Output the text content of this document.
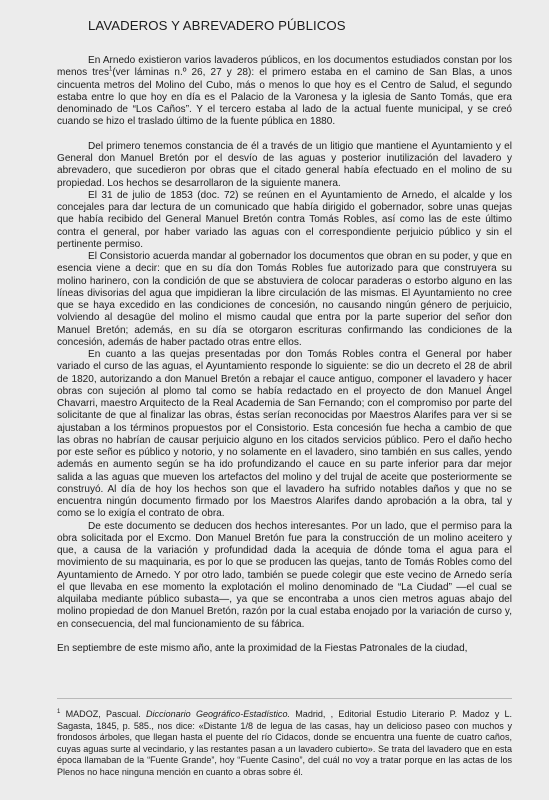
LAVADEROS Y ABREVADERO PÚBLICOS

En Arnedo existieron varios lavaderos públicos, en los documentos estudiados constan por los menos tres$^1$(ver láminas n.º 26, 27 y 28): el primero estaba en el camino de San Blas, a unos cincuenta metros del Molino del Cubo, más o menos lo que hoy es el Centro de Salud, el segundo estaba entre lo que hoy en día es el Palacio de la Varonesa y la iglesia de Santo Tomás, que era denominado de “Los Caños”. Y el tercero estaba al lado de la actual fuente municipal, y se creó cuando se hizo el traslado último de la fuente pública en 1880.

Del primero tenemos constancia de él a través de un litigio que mantiene el Ayuntamiento y el General don Manuel Bretón por el desvío de las aguas y posterior inutilización del lavadero y abrevadero, que sucedieron por obras que el citado general había efectuado en el molino de su propiedad. Los hechos se desarrollaron de la siguiente manera.

El 31 de julio de 1853 (doc. 72) se reúnen en el Ayuntamiento de Arnedo, el alcalde y los concejales para dar lectura de un comunicado que había dirigido el gobernador, sobre unas quejas que había recibido del General Manuel Bretón contra Tomás Robles, así como las de este último contra el general, por haber variado las aguas con el correspondiente perjuicio público y sin el pertinente permiso.

El Consistorio acuerda mandar al gobernador los documentos que obran en su poder, y que en esencia viene a decir: que en su día don Tomás Robles fue autorizado para que construyera su molino harinero, con la condición de que se abstuviera de colocar paraderas o estorbo alguno en las líneas divisorias del agua que impidieran la libre circulación de las mismas. El Ayuntamiento no cree que se haya excedido en las condiciones de concesión, no causando ningún género de perjuicio, volviendo al desagüe del molino el mismo caudal que entra por la parte superior del señor don Manuel Bretón; además, en su día se otorgaron escrituras confirmando las condiciones de la concesión, además de haber pactado otras entre ellos.

En cuanto a las quejas presentadas por don Tomás Robles contra el General por haber variado el curso de las aguas, el Ayuntamiento responde lo siguiente: se dio un decreto el 28 de abril de 1820, autorizando a don Manuel Bretón a rebajar el cauce antiguo, componer el lavadero y hacer obras con sujeción al plomo tal como se había redactado en el proyecto de don Manuel Ángel Chavarri, maestro Arquitecto de la Real Academia de San Fernando; con el compromiso por parte del solicitante de que al finalizar las obras, éstas serían reconocidas por Maestros Alarifes para ver si se ajustaban a los términos propuestos por el Consistorio. Esta concesión fue hecha a cambio de que las obras no habrían de causar perjuicio alguno en los citados servicios público. Pero el daño hecho por este señor es público y notorio, y no solamente en el lavadero, sino también en sus calles, yendo además en aumento según se ha ido profundizando el cauce en su parte inferior para dar mejor salida a las aguas que mueven los artefactos del molino y del trujal de aceite que posteriormente se construyó. Al día de hoy los hechos son que el lavadero ha sufrido notables daños y que no se encuentra ningún documento firmado por los Maestros Alarifes dando aprobación a la obra, tal y como se lo exigía el contrato de obra.

De este documento se deducen dos hechos interesantes. Por un lado, que el permiso para la obra solicitada por el Excmo. Don Manuel Bretón fue para la construcción de un molino aceitero y que, a causa de la variación y profundidad dada la acequia de dónde toma el agua para el movimiento de su maquinaria, es por lo que se producen las quejas, tanto de Tomás Robles como del Ayuntamiento de Arnedo. Y por otro lado, también se puede colegir que este vecino de Arnedo sería el que llevaba en ese momento la explotación el molino denominado de “La Ciudad” —el cual se alquilaba mediante público subasta—, ya que se encontraba a unos cien metros aguas abajo del molino propiedad de don Manuel Bretón, razón por la cual estaba enojado por la variación de curso y, en consecuencia, del mal funcionamiento de su fábrica.

En septiembre de este mismo año, ante la proximidad de la Fiestas Patronales de la ciudad,

$^1$ MADOZ, Pascual. Diccionario Geográfico-Estadístico. Madrid, , Editorial Estudio Literario P. Madoz y L. Sagasta, 1845, p. 585., nos dice: «Distante 1/8 de legua de las casas, hay un delicioso paseo con muchos y frondosos árboles, que llegan hasta el puente del río Cidacos, donde se encuentra una fuente de cuatro caños, cuyas aguas surte al vecindario, y las restantes pasan a un lavadero cubierto». Se trata del lavadero que en esta época llamaban de la “Fuente Grande”, hoy “Fuente Casino”, del cuál no voy a tratar porque en las actas de los Plenos no hace ninguna mención en cuanto a obras sobre él.
